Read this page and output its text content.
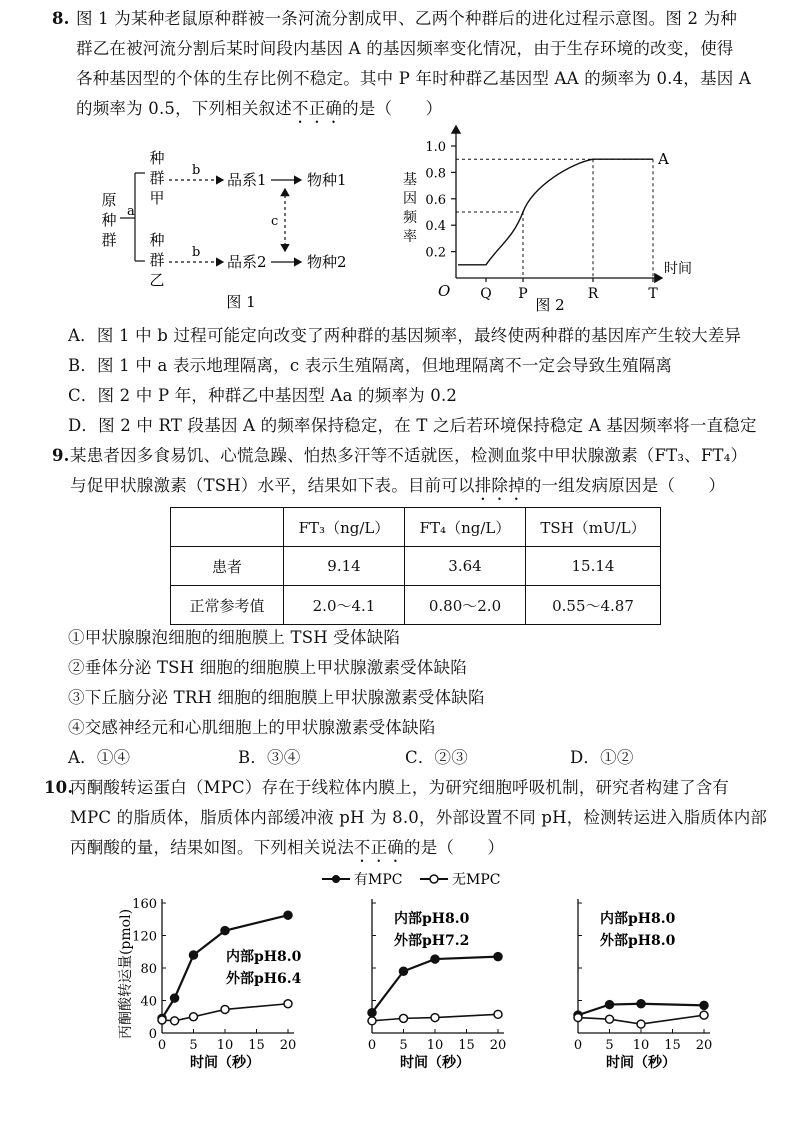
8. 图 1 为某种老鼠原种群被一条河流分割成甲、乙两个种群后的进化过程示意图。图 2 为种
群乙在被河流分割后某时间段内基因 A 的基因频率变化情况，由于生存环境的改变，使得
各种基因型的个体的生存比例不稳定。其中 P 年时种群乙基因型 AA 的频率为 0.4，基因 A
的频率为 0.5，下列相关叙述不正确的是（　　）
原
种
群
a
种
群
甲
种
群
乙
b
b
品系1
品系2
物种1
物种2
c
图 1
基
因
频
率
0.2
0.4
0.6
0.8
1.0
Q P	R	T
A
时间
O
图 2
A．图 1 中 b 过程可能定向改变了两种群的基因频率，最终使两种群的基因库产生较大差异
B．图 1 中 a 表示地理隔离，c 表示生殖隔离，但地理隔离不一定会导致生殖隔离
C．图 2 中 P 年，种群乙中基因型 Aa 的频率为 0.2
D．图 2 中 RT 段基因 A 的频率保持稳定，在 T 之后若环境保持稳定 A 基因频率将一直稳定
9. 某患者因多食易饥、心慌急躁、怕热多汗等不适就医，检测血浆中甲状腺激素（FT₃、FT₄）
与促甲状腺激素（TSH）水平，结果如下表。目前可以排除掉的一组发病原因是（　　）
	FT₃（ng/L）	FT₄（ng/L）	TSH（mU/L）
患者	9.14	3.64	15.14
正常参考值	2.0～4.1	0.80～2.0	0.55～4.87
①甲状腺腺泡细胞的细胞膜上 TSH 受体缺陷
②垂体分泌 TSH 细胞的细胞膜上甲状腺激素受体缺陷
③下丘脑分泌 TRH 细胞的细胞膜上甲状腺激素受体缺陷
④交感神经元和心肌细胞上的甲状腺激素受体缺陷
A．①④	B．③④	C．②③	D．①②
10.
丙酮酸转运蛋白（MPC）存在于线粒体内膜上，为研究细胞呼吸机制，研究者构建了含有
MPC 的脂质体，脂质体内部缓冲液 pH 为 8.0，外部设置不同 pH，检测转运进入脂质体内部
丙酮酸的量，结果如图。下列相关说法不正确的是（　　）
有MPC	无MPC
丙酮酸转运量(pmol)
0 5 10 15 20
0
40
80
120
160
时间（秒）
内部pH8.0
外部pH6.4
0 5 10 15 20
时间（秒）
内部pH8.0
外部pH7.2
0 5 10 15 20
时间（秒）
内部pH8.0
外部pH8.0
